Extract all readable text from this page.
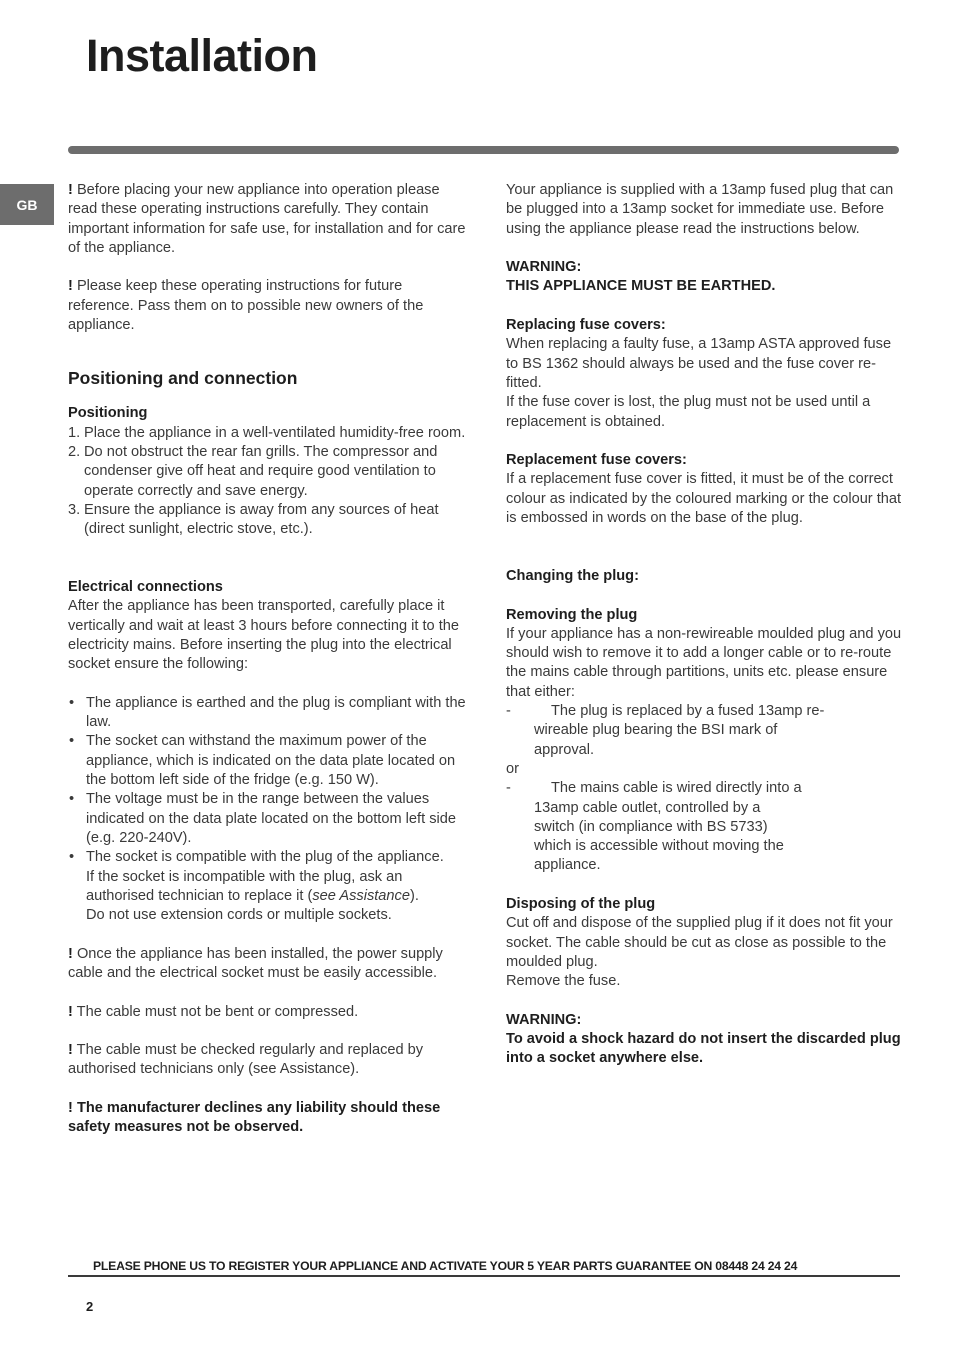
Installation
GB

! Before placing your new appliance into operation please read these operating instructions carefully. They contain important information for safe use, for installation and for care of the appliance.

! Please keep these operating instructions for future reference. Pass them on to possible new owners of the appliance.

Positioning and connection

Positioning

1. Place the appliance in a well-ventilated humidity-free room.
2. Do not obstruct the rear fan grills. The compressor and condenser give off heat and require good ventilation to operate correctly and save energy.
3. Ensure the appliance is away from any sources of heat (direct sunlight, electric stove, etc.).

Electrical connections

After the appliance has been transported, carefully place it vertically and wait at least 3 hours before connecting it to the electricity mains. Before inserting the plug into the electrical socket ensure the following:

• The appliance is earthed and the plug is compliant with the law.
• The socket can withstand the maximum power of the appliance, which is indicated on the data plate located on the bottom left side of the fridge (e.g. 150 W).
• The voltage must be in the range between the values indicated on the data plate located on the bottom left side (e.g. 220-240V).
• The socket is compatible with the plug of the appliance.
If the socket is incompatible with the plug, ask an authorised technician to replace it (see Assistance).
Do not use extension cords or multiple sockets.

! Once the appliance has been installed, the power supply cable and the electrical socket must be easily accessible.

! The cable must not be bent or compressed.

! The cable must be checked regularly and replaced by authorised technicians only (see Assistance).

! The manufacturer declines any liability should these safety measures not be observed.

Your appliance is supplied with a 13amp fused plug that can be plugged into a 13amp socket for immediate use. Before using the appliance please read the instructions below.

WARNING:

THIS APPLIANCE MUST BE EARTHED.

Replacing fuse covers:

When replacing a faulty fuse, a 13amp ASTA approved fuse to BS 1362 should always be used and the fuse cover re-fitted.

If the fuse cover is lost, the plug must not be used until a replacement is obtained.

Replacement fuse covers:

If a replacement fuse cover is fitted, it must be of the correct colour as indicated by the coloured marking or the colour that is embossed in words on the base of the plug.

Changing the plug:

Removing the plug

If your appliance has a non-rewireable moulded plug and you should wish to remove it to add a longer cable or to re-route the mains cable through partitions, units etc. please ensure that either:

-	The plug is replaced by a fused 13amp re-
wireable plug bearing the BSI mark of
approval.

or

-	The mains cable is wired directly into a
13amp cable outlet, controlled by a
switch (in compliance with BS 5733)
which is accessible without moving the
appliance.

Disposing of the plug

Cut off and dispose of the supplied plug if it does not fit your socket. The cable should be cut as close as possible to the moulded plug.

Remove the fuse.

WARNING:

To avoid a shock hazard do not insert the discarded plug into a socket anywhere else.

PLEASE PHONE US TO REGISTER YOUR APPLIANCE AND ACTIVATE YOUR 5 YEAR PARTS GUARANTEE ON 08448 24 24 24
2
